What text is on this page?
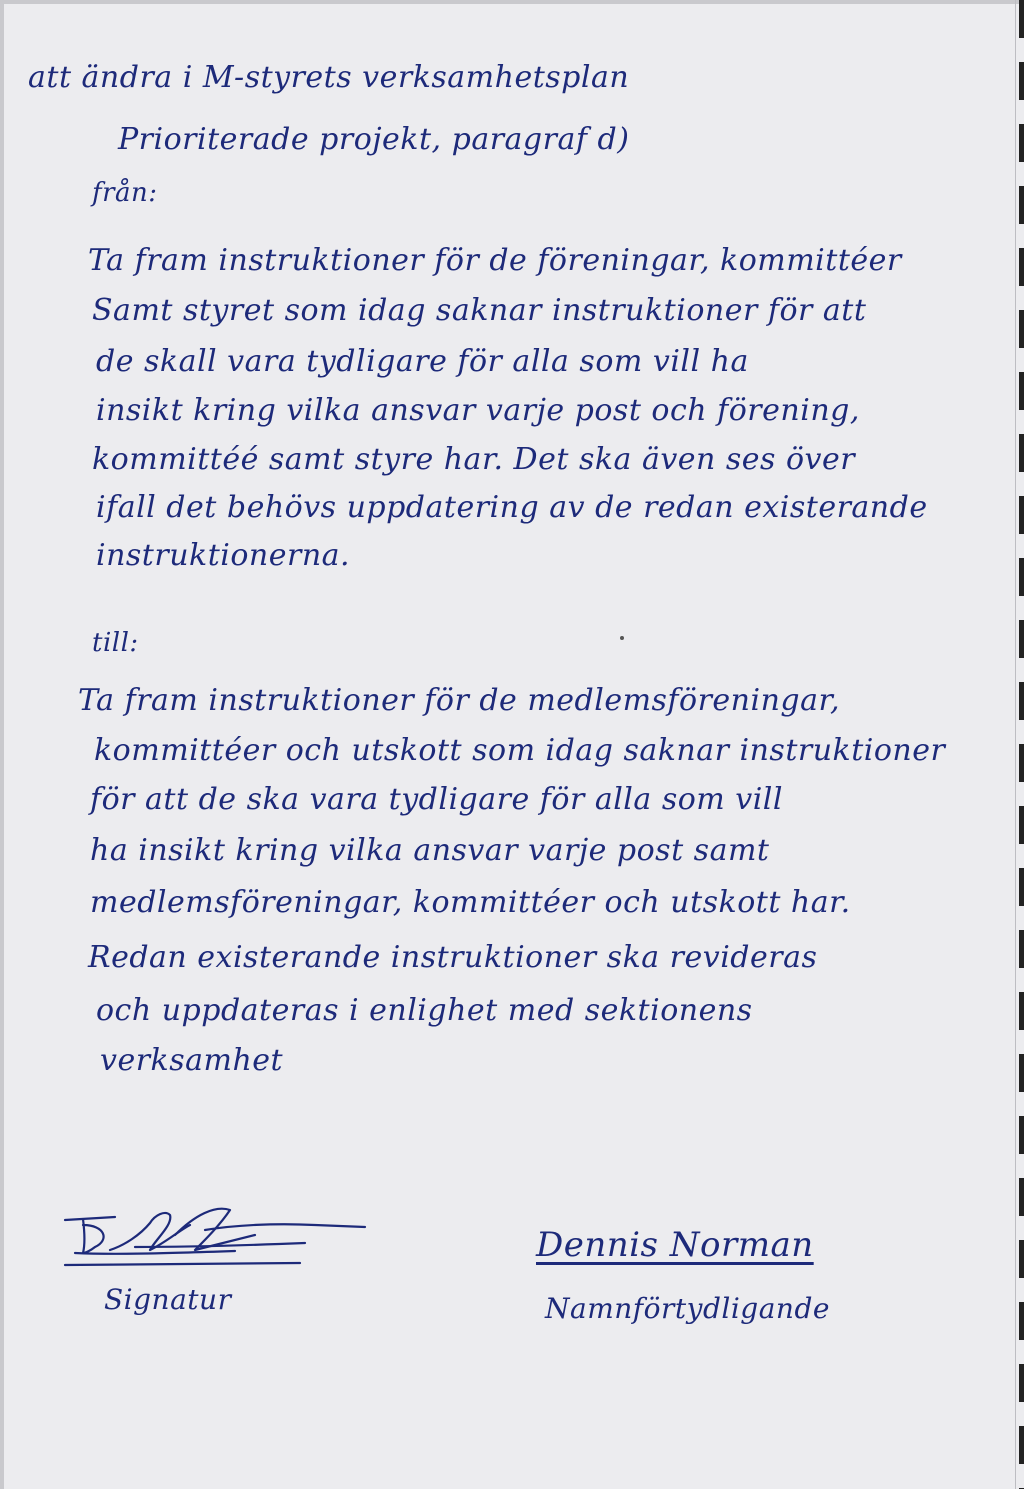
att ändra i M-styrets verksamhetsplan
Prioriterade projekt, paragraf d)
från:
Ta fram instruktioner för de föreningar, kommittéer
Samt styret som idag saknar instruktioner för att
de skall vara tydligare för alla som vill ha
insikt kring vilka ansvar varje post och förening,
kommittéé samt styre har. Det ska även ses över
ifall det behövs uppdatering av de redan existerande
instruktionerna.
till:
Ta fram instruktioner för de medlemsföreningar,
kommittéer och utskott som idag saknar instruktioner
för att de ska vara tydligare för alla som vill
ha insikt kring vilka ansvar varje post samt
medlemsföreningar, kommittéer och utskott har.
Redan existerande instruktioner ska revideras
och uppdateras i enlighet med sektionens
verksamhet
Signatur
Dennis Norman
Namnförtydligande
